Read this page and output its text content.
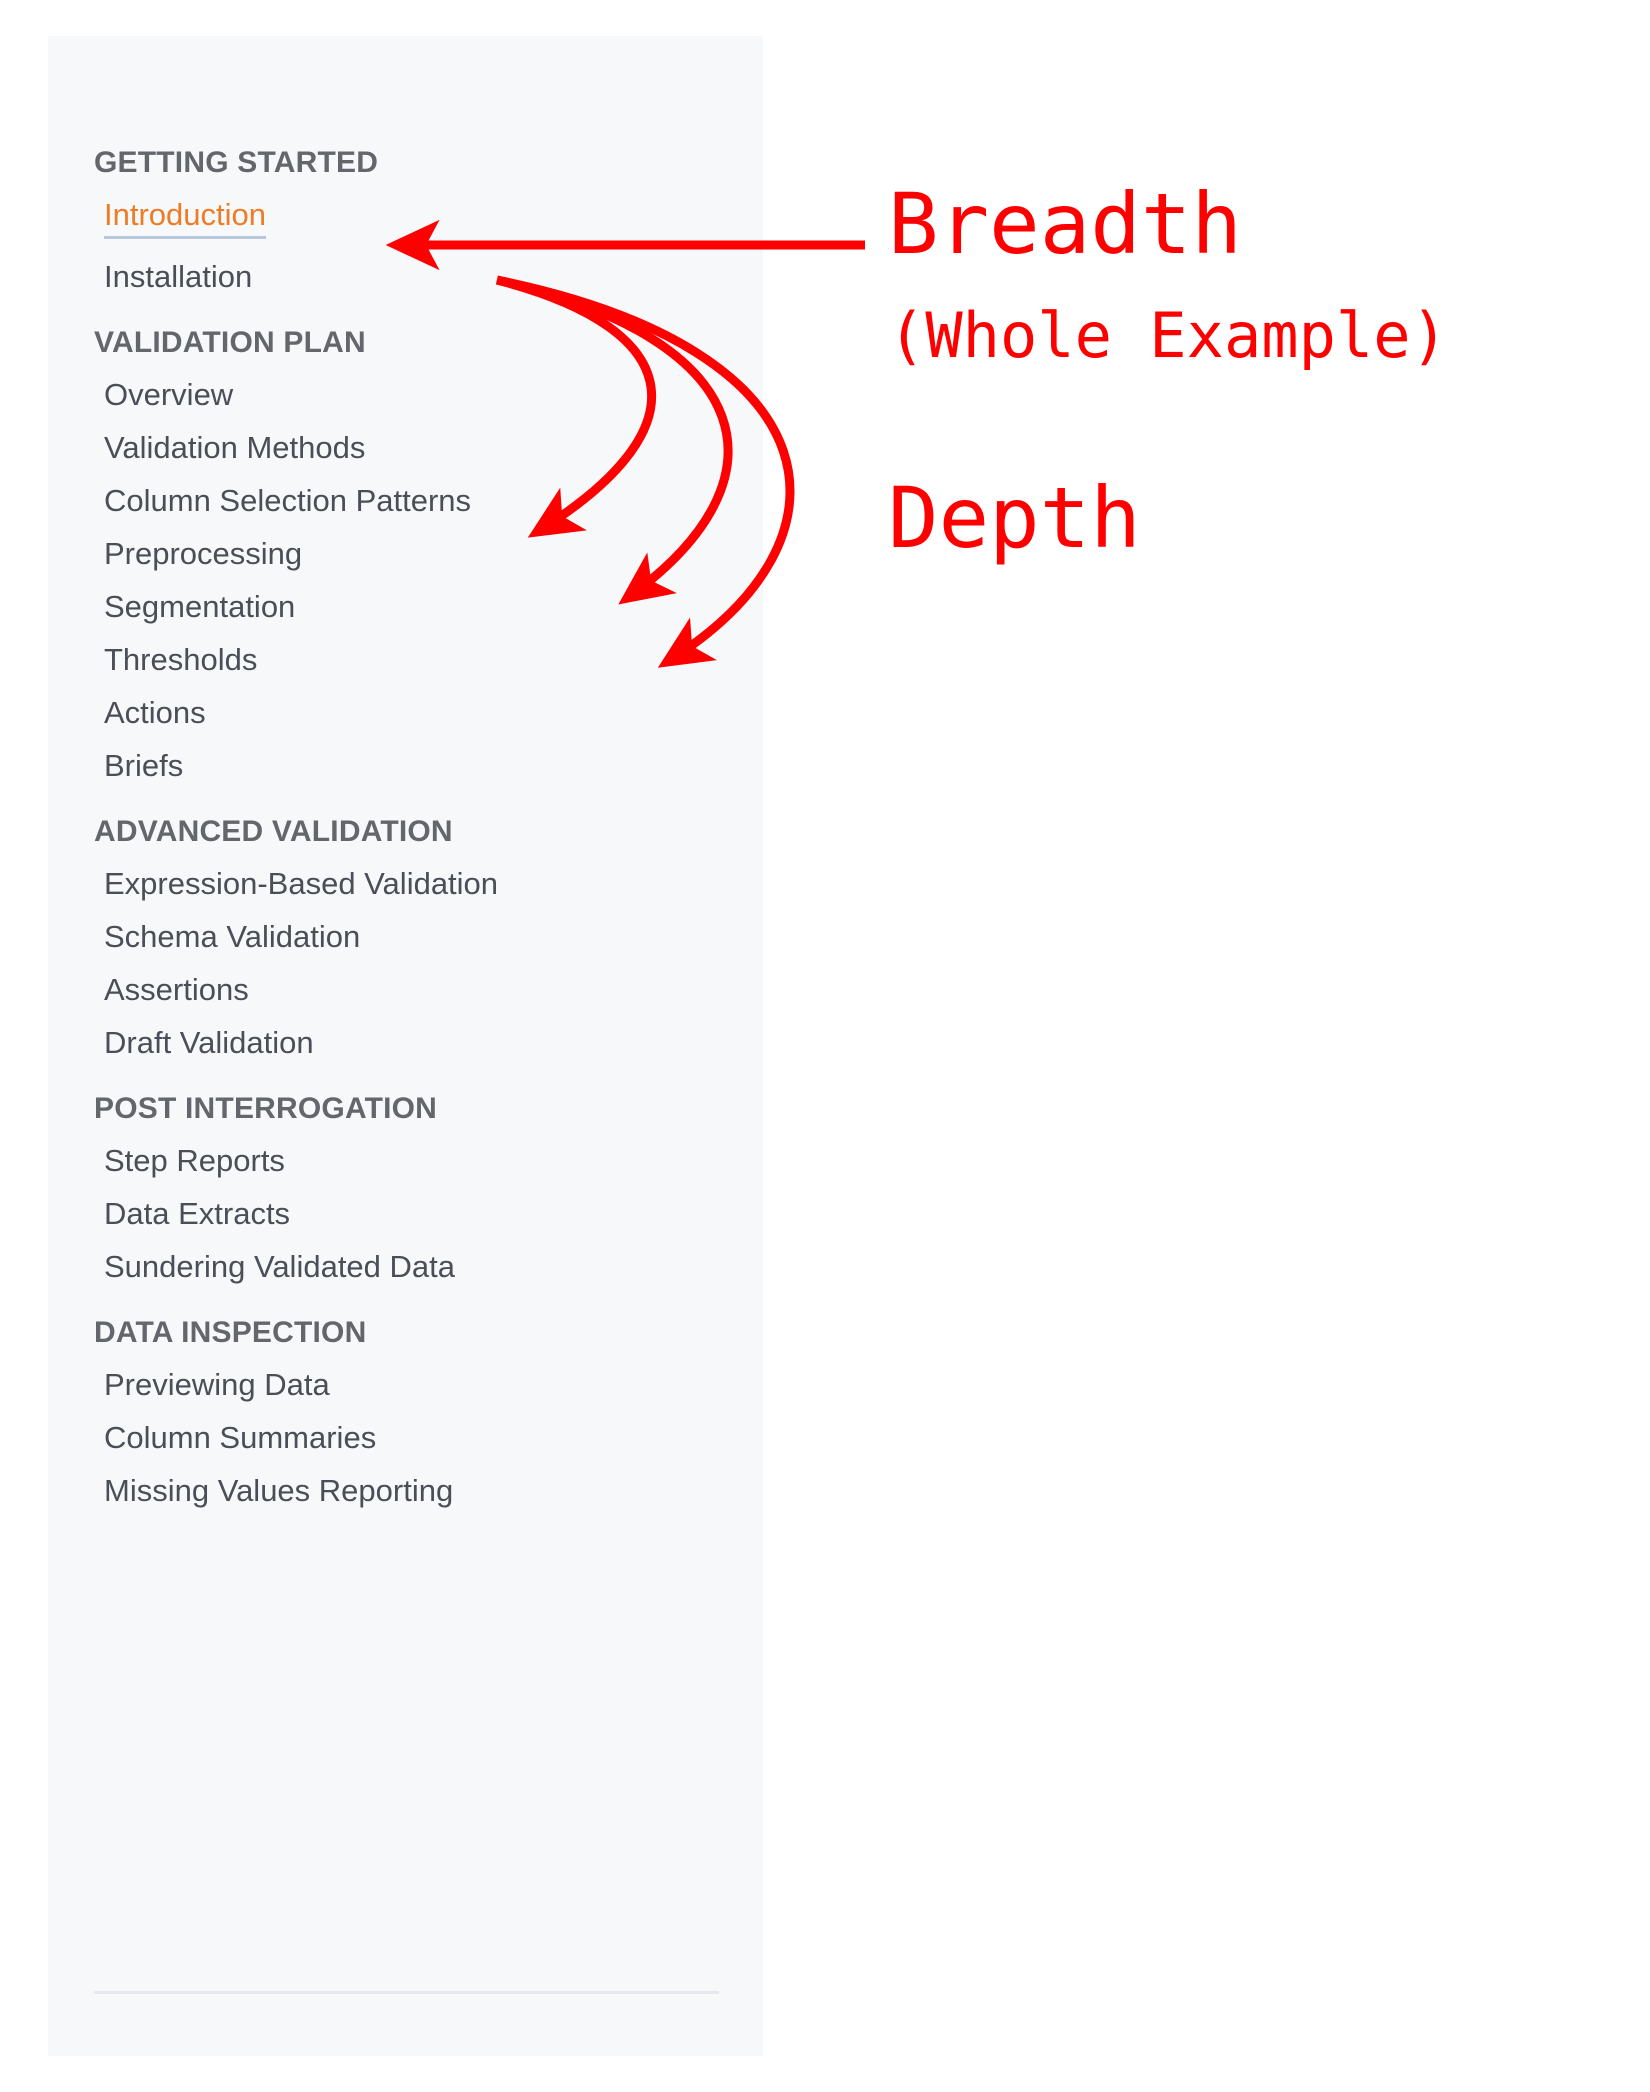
GETTING STARTED
Introduction
Installation
VALIDATION PLAN
Overview
Validation Methods
Column Selection Patterns
Preprocessing
Segmentation
Thresholds
Actions
Briefs
ADVANCED VALIDATION
Expression-Based Validation
Schema Validation
Assertions
Draft Validation
POST INTERROGATION
Step Reports
Data Extracts
Sundering Validated Data
DATA INSPECTION
Previewing Data
Column Summaries
Missing Values Reporting
Breadth
(Whole Example)
Depth
